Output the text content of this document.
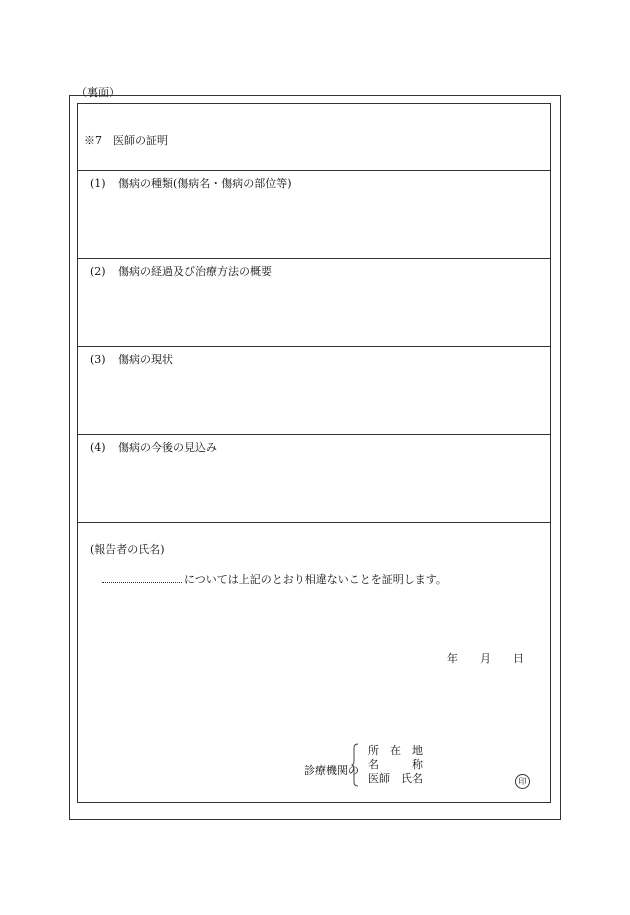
（裏面）
※7　医師の証明
(1) 傷病の種類(傷病名・傷病の部位等)
(2) 傷病の経過及び治療方法の概要
(3) 傷病の現状
(4) 傷病の今後の見込み
(報告者の氏名)
については上記のとおり相違ないことを証明します。
年 月 日
診療機関の
所　在　地
名　　　称
医師　氏名	印
